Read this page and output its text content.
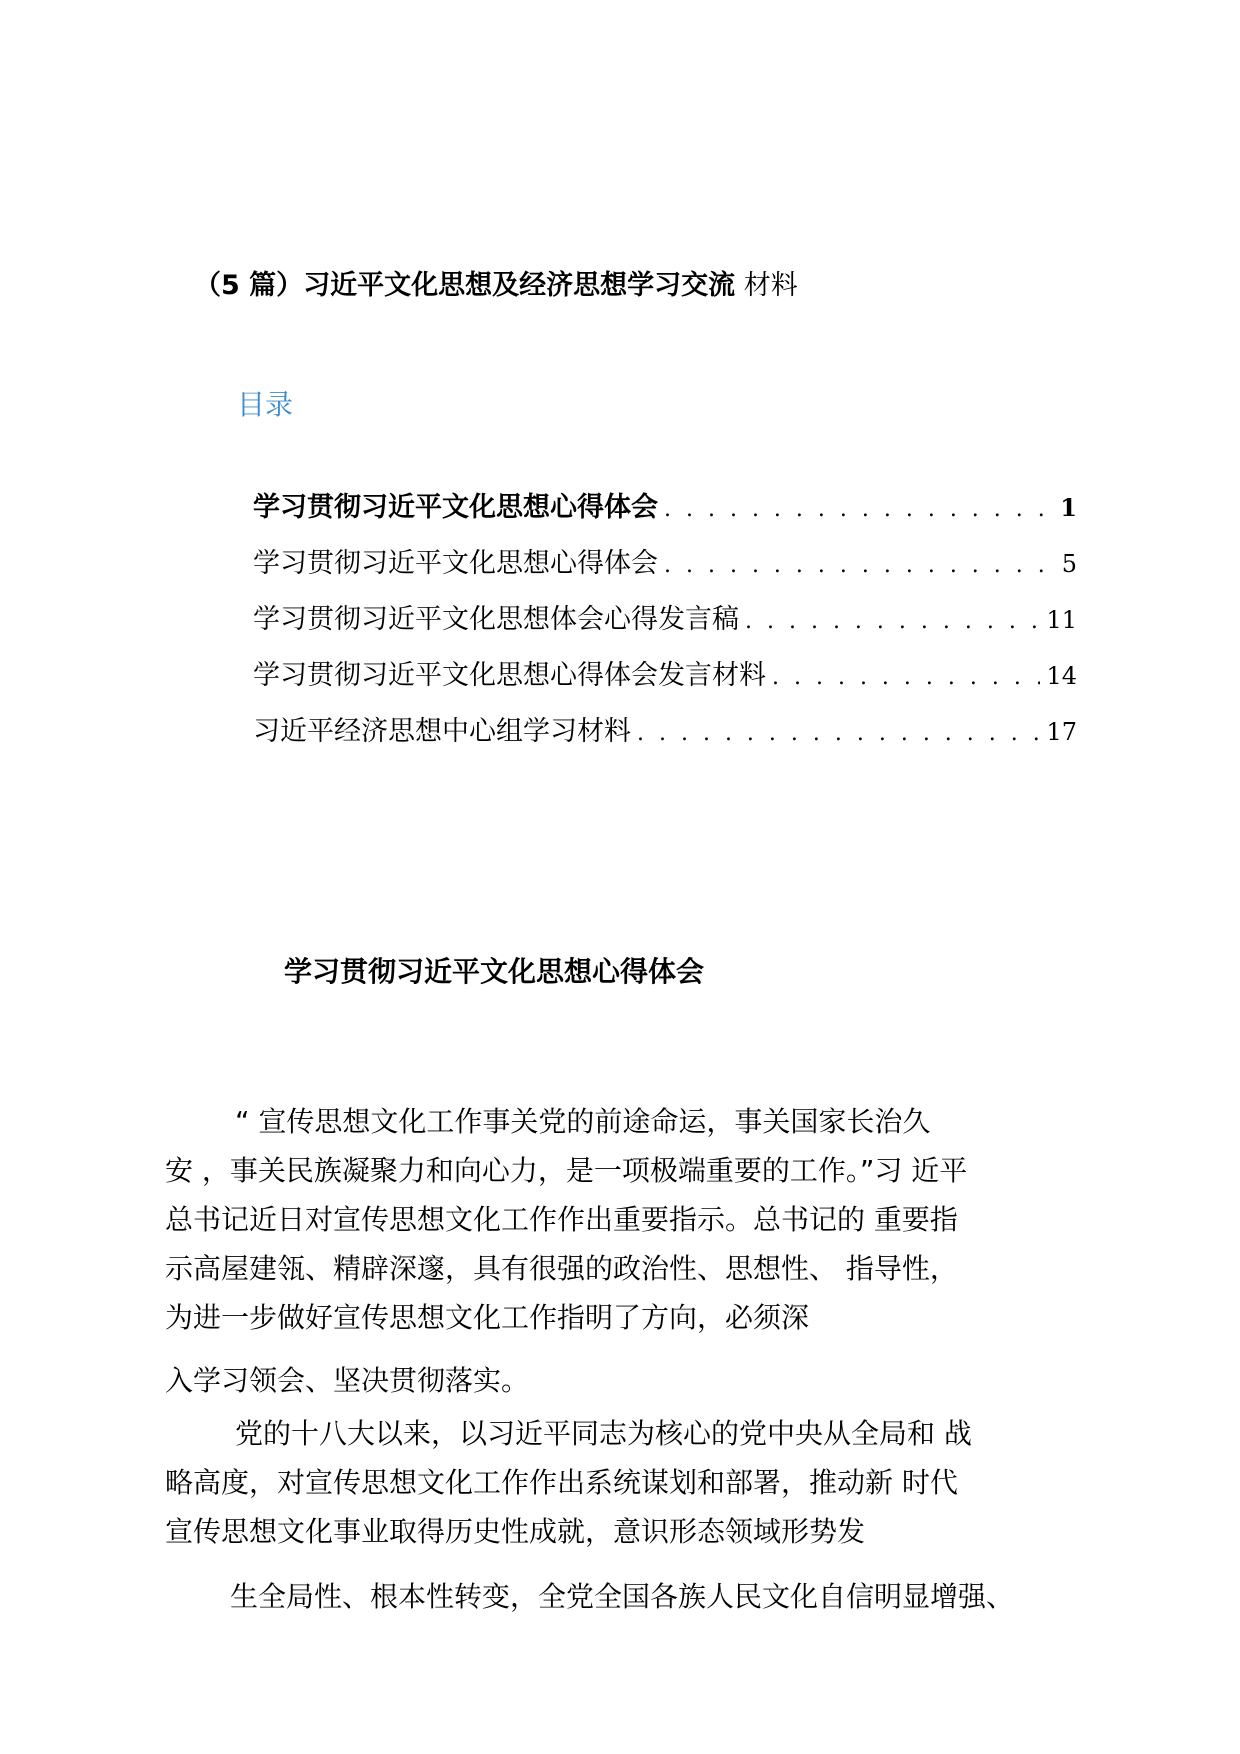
（5 篇）习近平文化思想及经济思想学习交流 材料
目录
学习贯彻习近平文化思想心得体会 . . .	1
学习贯彻习近平文化思想心得体会 . . .	5
学习贯彻习近平文化思想体会心得发言稿 . . .	11
学习贯彻习近平文化思想心得体会发言材料 . . .	14
习近平经济思想中心组学习材料 . . .	17
学习贯彻习近平文化思想心得体会
“ 宣传思想文化工作事关党的前途命运，事关国家长治久
安 ，事关民族凝聚力和向心力，是一项极端重要的工作。”习 近平
总书记近日对宣传思想文化工作作出重要指示。总书记的 重要指
示高屋建瓴、精辟深邃，具有很强的政治性、思想性、 指导性，
为进一步做好宣传思想文化工作指明了方向，必须深
入学习领会、坚决贯彻落实。
党的十八大以来，以习近平同志为核心的党中央从全局和 战
略高度，对宣传思想文化工作作出系统谋划和部署，推动新 时代
宣传思想文化事业取得历史性成就，意识形态领域形势发
生全局性、根本性转变，全党全国各族人民文化自信明显增强、
